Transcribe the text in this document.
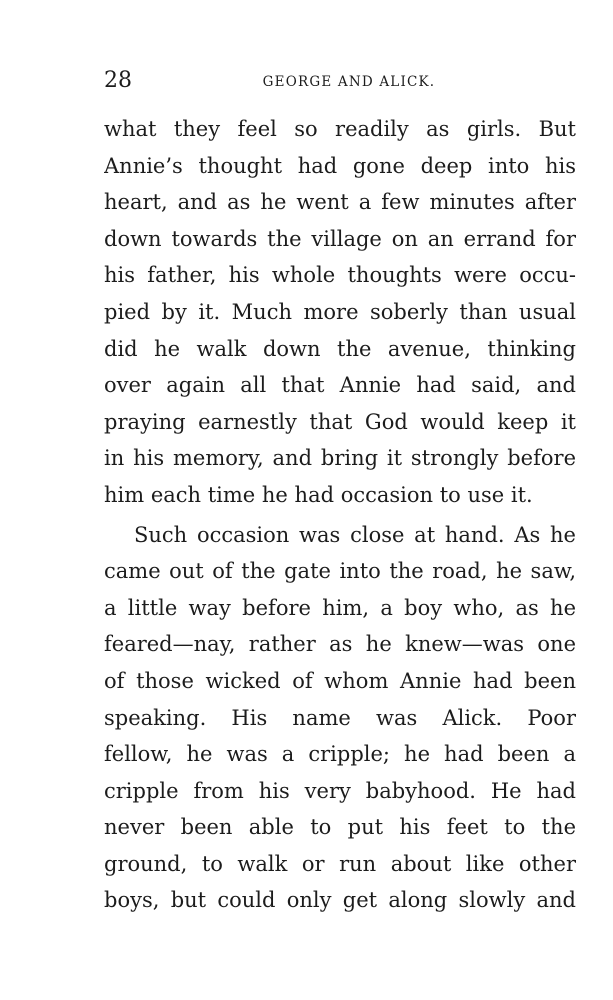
28	GEORGE AND ALICK.
what they feel so readily as girls. But
Annie’s thought had gone deep into his
heart, and as he went a few minutes after
down towards the village on an errand for
his father, his whole thoughts were occu-
pied by it. Much more soberly than usual
did he walk down the avenue, thinking
over again all that Annie had said, and
praying earnestly that God would keep it
in his memory, and bring it strongly before
him each time he had occasion to use it.
Such occasion was close at hand. As he
came out of the gate into the road, he saw,
a little way before him, a boy who, as he
feared—nay, rather as he knew—was one
of those wicked of whom Annie had been
speaking. His name was Alick. Poor
fellow, he was a cripple; he had been a
cripple from his very babyhood. He had
never been able to put his feet to the
ground, to walk or run about like other
boys, but could only get along slowly and
